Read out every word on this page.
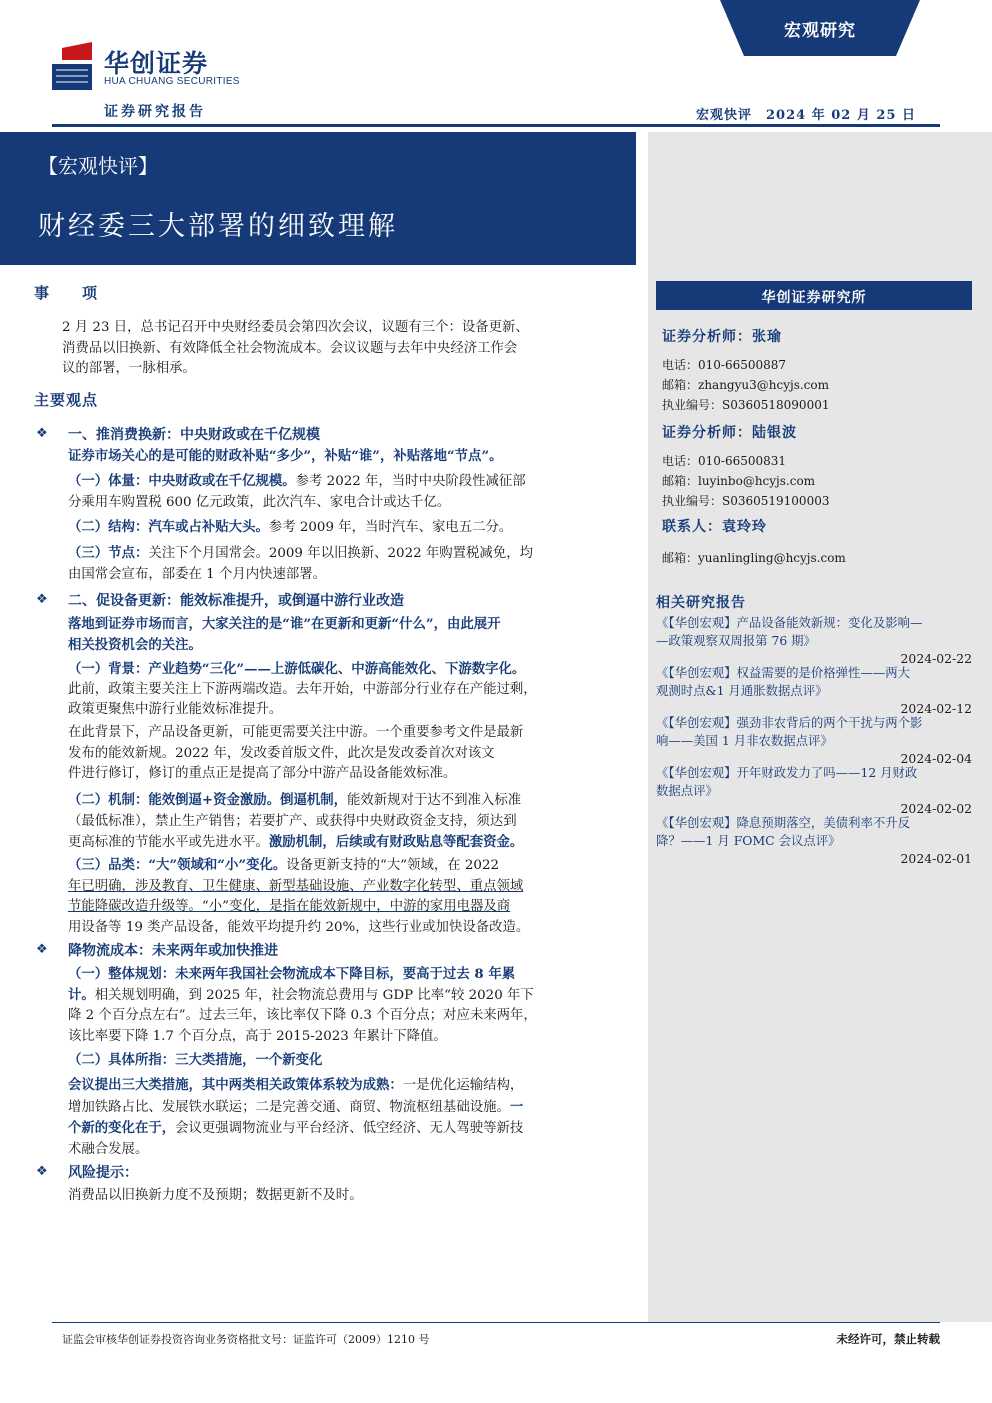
华创证券
HUA CHUANG SECURITIES
证券研究报告
宏观研究
宏观快评　2024 年 02 月 25 日
【宏观快评】
财经委三大部署的细致理解
华创证券研究所
证券分析师：张瑜
电话：010-66500887
邮箱：zhangyu3@hcyjs.com
执业编号：S0360518090001
证券分析师：陆银波
电话：010-66500831
邮箱：luyinbo@hcyjs.com
执业编号：S0360519100003
联系人：袁玲玲
邮箱：yuanlingling@hcyjs.com
相关研究报告
《【华创宏观】产品设备能效新规：变化及影响—
—政策观察双周报第 76 期》
2024-02-22
《【华创宏观】权益需要的是价格弹性——两大
观测时点&1 月通胀数据点评》
2024-02-12
《【华创宏观】强劲非农背后的两个干扰与两个影
响——美国 1 月非农数据点评》
2024-02-04
《【华创宏观】开年财政发力了吗——12 月财政
数据点评》
2024-02-02
《【华创宏观】降息预期落空，美债利率不升反
降？——1 月 FOMC 会议点评》
2024-02-01
事　　项
2 月 23 日，总书记召开中央财经委员会第四次会议，议题有三个：设备更新、
消费品以旧换新、有效降低全社会物流成本。会议议题与去年中央经济工作会
议的部署，一脉相承。
主要观点
❖ 一、推消费换新：中央财政或在千亿规模
证券市场关心的是可能的财政补贴“多少”，补贴“谁”，补贴落地“节点”。
（一）体量：中央财政或在千亿规模。参考 2022 年，当时中央阶段性减征部
分乘用车购置税 600 亿元政策，此次汽车、家电合计或达千亿。
（二）结构：汽车或占补贴大头。参考 2009 年，当时汽车、家电五二分。
（三）节点：关注下个月国常会。2009 年以旧换新、2022 年购置税减免，均
由国常会宣布，部委在 1 个月内快速部署。
❖ 二、促设备更新：能效标准提升，或倒逼中游行业改造
落地到证券市场而言，大家关注的是“谁”在更新和更新“什么”，由此展开
相关投资机会的关注。
（一）背景：产业趋势“三化”——上游低碳化、中游高能效化、下游数字化。
此前，政策主要关注上下游两端改造。去年开始，中游部分行业存在产能过剩，
政策更聚焦中游行业能效标准提升。
在此背景下，产品设备更新，可能更需要关注中游。一个重要参考文件是最新
发布的能效新规。2022 年，发改委首版文件，此次是发改委首次对该文
件进行修订，修订的重点正是提高了部分中游产品设备能效标准。
（二）机制：能效倒逼+资金激励。倒逼机制，能效新规对于达不到准入标准
（最低标准），禁止生产销售；若要扩产、或获得中央财政资金支持，须达到
更高标准的节能水平或先进水平。激励机制，后续或有财政贴息等配套资金。
（三）品类：“大”领域和“小”变化。设备更新支持的“大”领域，在 2022
年已明确，涉及教育、卫生健康、新型基础设施、产业数字化转型、重点领域
节能降碳改造升级等。“小”变化，是指在能效新规中，中游的家用电器及商
用设备等 19 类产品设备，能效平均提升约 20%，这些行业或加快设备改造。
❖ 降物流成本：未来两年或加快推进
（一）整体规划：未来两年我国社会物流成本下降目标，要高于过去 8 年累
计。相关规划明确，到 2025 年，社会物流总费用与 GDP 比率“较 2020 年下
降 2 个百分点左右”。过去三年，该比率仅下降 0.3 个百分点；对应未来两年，
该比率要下降 1.7 个百分点，高于 2015-2023 年累计下降值。
（二）具体所指：三大类措施，一个新变化
会议提出三大类措施，其中两类相关政策体系较为成熟：一是优化运输结构，
增加铁路占比、发展铁水联运；二是完善交通、商贸、物流枢纽基础设施。一
个新的变化在于，会议更强调物流业与平台经济、低空经济、无人驾驶等新技
术融合发展。
❖ 风险提示：
消费品以旧换新力度不及预期；数据更新不及时。
证监会审核华创证券投资咨询业务资格批文号：证监许可（2009）1210 号	未经许可，禁止转载
